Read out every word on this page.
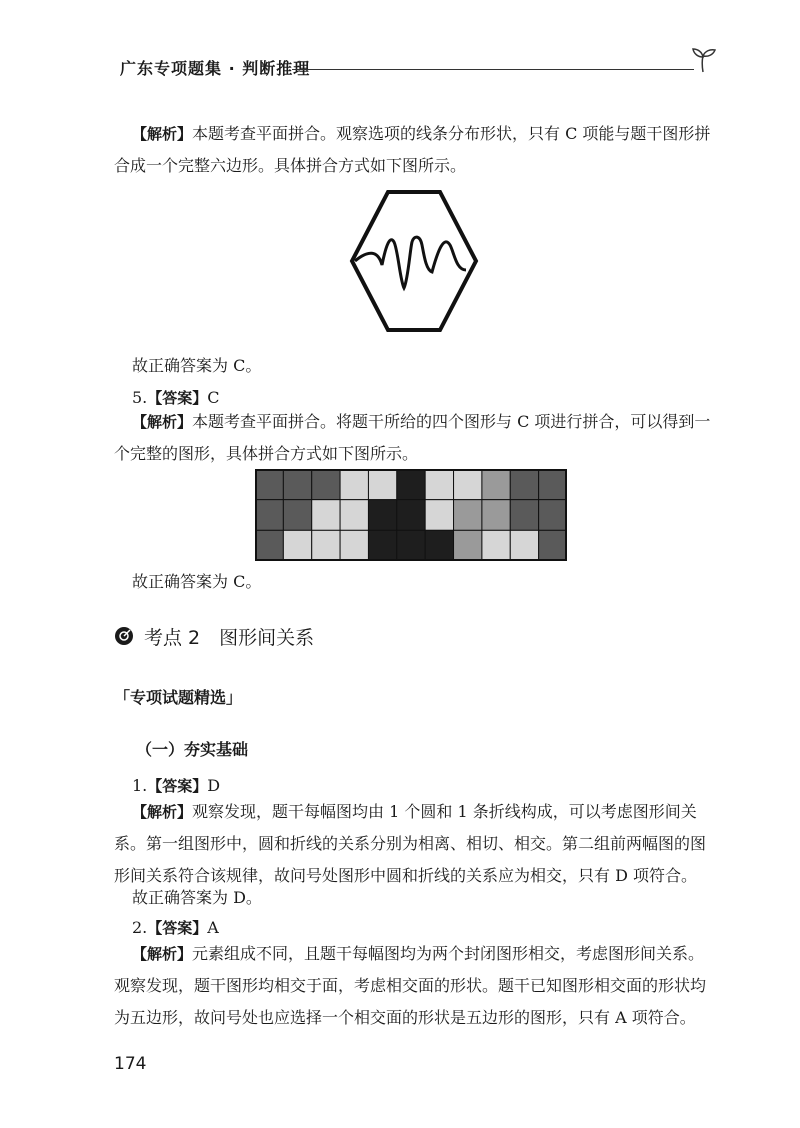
广东专项题集 · 判断推理

【解析】本题考查平面拼合。观察选项的线条分布形状，只有 C 项能与题干图形拼合成一个完整六边形。具体拼合方式如下图所示。

故正确答案为 C。
5.【答案】C

【解析】本题考查平面拼合。将题干所给的四个图形与 C 项进行拼合，可以得到一个完整的图形，具体拼合方式如下图所示。

故正确答案为 C。
考点 2　图形间关系
「专项试题精选」
（一）夯实基础
1.【答案】D

【解析】观察发现，题干每幅图均由 1 个圆和 1 条折线构成，可以考虑图形间关系。第一组图形中，圆和折线的关系分别为相离、相切、相交。第二组前两幅图的图形间关系符合该规律，故问号处图形中圆和折线的关系应为相交，只有 D 项符合。

故正确答案为 D。
2.【答案】A

【解析】元素组成不同，且题干每幅图均为两个封闭图形相交，考虑图形间关系。观察发现，题干图形均相交于面，考虑相交面的形状。题干已知图形相交面的形状均为五边形，故问号处也应选择一个相交面的形状是五边形的图形，只有 A 项符合。

174
